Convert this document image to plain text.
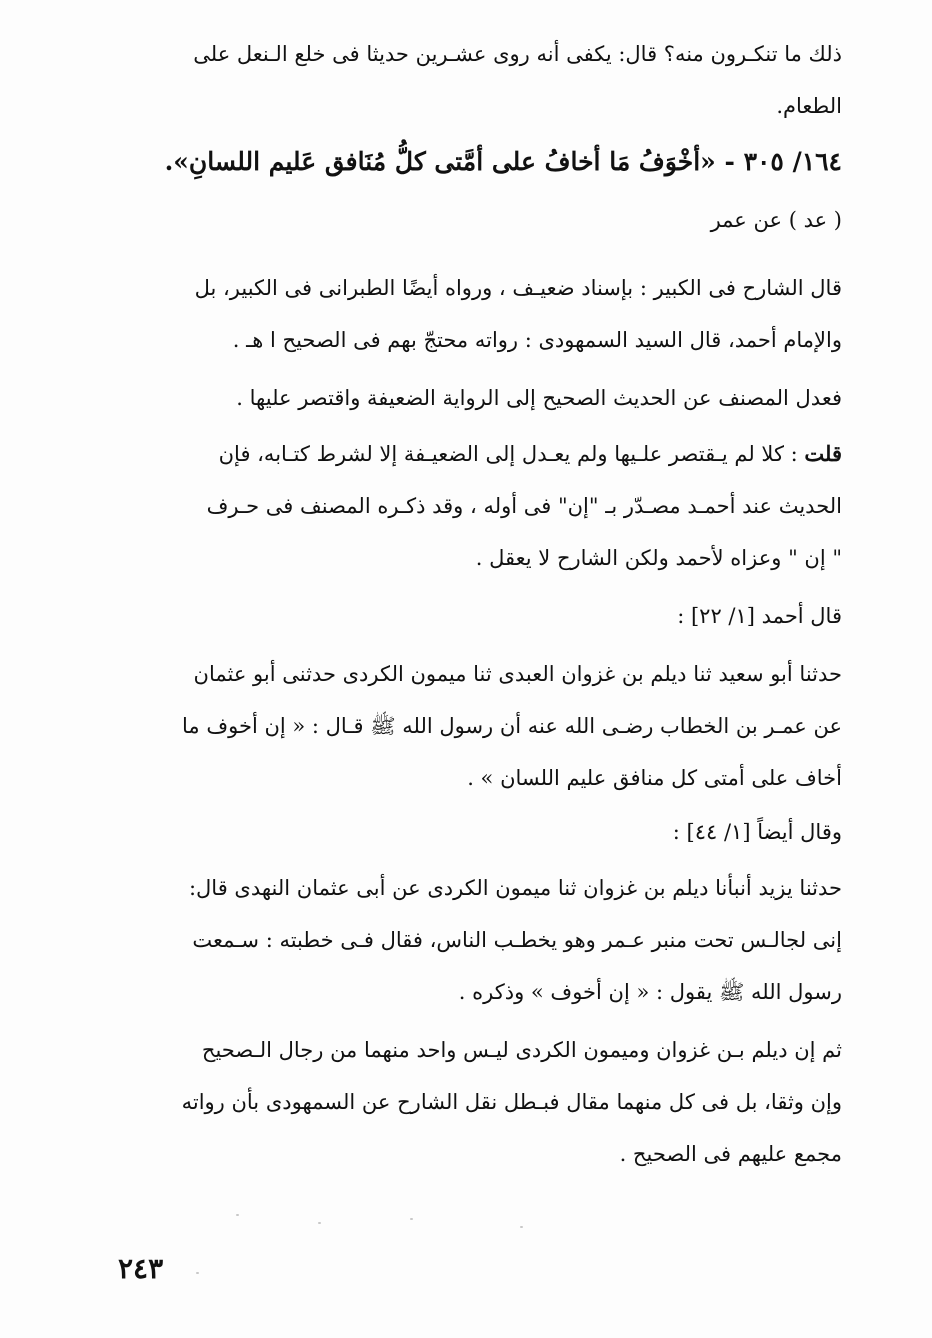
ذلك ما تنكـرون منه؟ قال: يكفى أنه روى عشـرين حديثا فى خلع الـنعل على
الطعام.
١٦٤/ ٣٠٥ - «أخْوَفُ مَا أخافُ على أمَّتى كلُّ مُنَافق عَليم اللسانِ».
( عد ) عن عمر
قال الشارح فى الكبير : بإسناد ضعيـف ، ورواه أيضًا الطبرانى فى الكبير، بل
والإمام أحمد، قال السيد السمهودى : رواته محتجّ بهم فى الصحيح ا هـ .
فعدل المصنف عن الحديث الصحيح إلى الرواية الضعيفة واقتصر عليها .
قلت : كلا لم يـقتصر علـيها ولم يعـدل إلى الضعيـفة إلا لشرط كتـابه، فإن
الحديث عند أحمـد مصـدّر بـ "إن" فى أوله ، وقد ذكـره المصنف فى حـرف
" إن " وعزاه لأحمد ولكن الشارح لا يعقل .
قال أحمد [١/ ٢٢] :
حدثنا أبو سعيد ثنا ديلم بن غزوان العبدى ثنا ميمون الكردى حدثنى أبو عثمان
عن عمـر بن الخطاب رضـى الله عنه أن رسول الله ﷺ قـال : « إن أخوف ما
أخاف على أمتى كل منافق عليم اللسان » .
وقال أيضاً [١/ ٤٤] :
حدثنا يزيد أنبأنا ديلم بن غزوان ثنا ميمون الكردى عن أبى عثمان النهدى قال:
إنى لجالـس تحت منبر عـمر وهو يخطـب الناس، فقال فـى خطبته : سـمعت
رسول الله ﷺ يقول : « إن أخوف » وذكره .
ثم إن ديلم بـن غزوان وميمون الكردى ليـس واحد منهما من رجال الـصحيح
وإن وثقا، بل فى كل منهما مقال فبـطل نقل الشارح عن السمهودى بأن رواته
مجمع عليهم فى الصحيح .
٢٤٣
